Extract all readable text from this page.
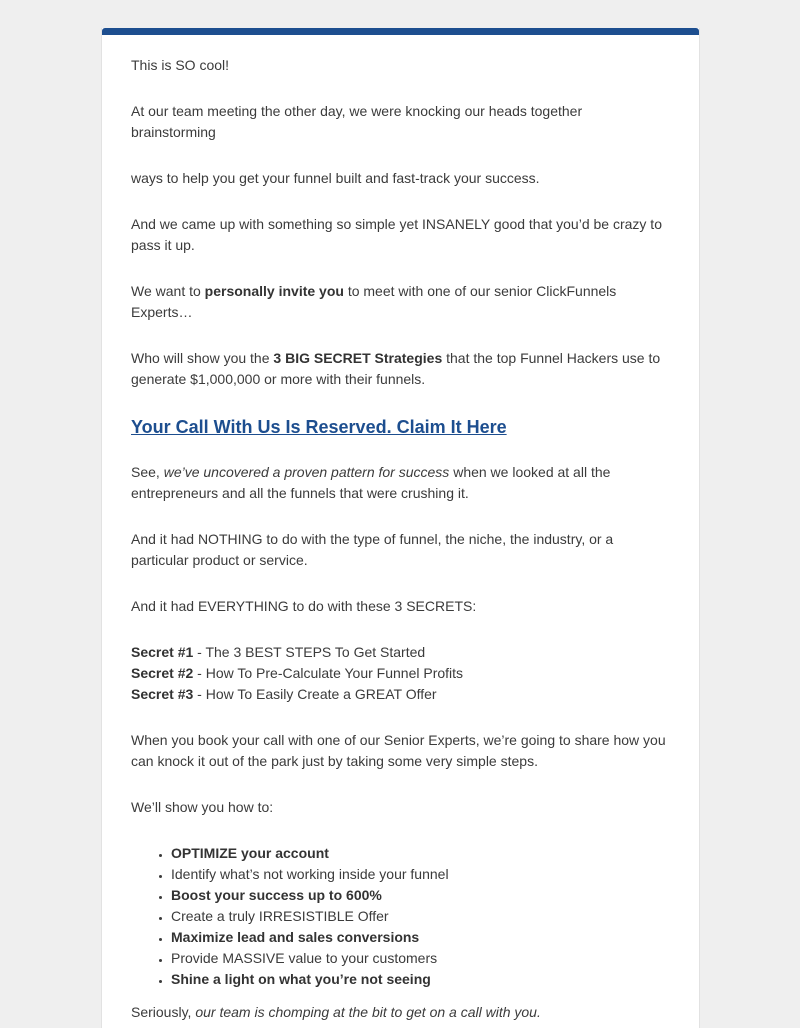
This is SO cool!

At our team meeting the other day, we were knocking our heads together brainstorming

ways to help you get your funnel built and fast-track your success.

And we came up with something so simple yet INSANELY good that you’d be crazy to pass it up.

We want to personally invite you to meet with one of our senior ClickFunnels Experts…

Who will show you the 3 BIG SECRET Strategies that the top Funnel Hackers use to generate $1,000,000 or more with their funnels.

Your Call With Us Is Reserved. Claim It Here

See, we’ve uncovered a proven pattern for success when we looked at all the entrepreneurs and all the funnels that were crushing it.

And it had NOTHING to do with the type of funnel, the niche, the industry, or a particular product or service.

And it had EVERYTHING to do with these 3 SECRETS:

Secret #1 - The 3 BEST STEPS To Get Started
Secret #2 - How To Pre-Calculate Your Funnel Profits
Secret #3 - How To Easily Create a GREAT Offer

When you book your call with one of our Senior Experts, we’re going to share how you can knock it out of the park just by taking some very simple steps.

We’ll show you how to:

• OPTIMIZE your account
• Identify what’s not working inside your funnel
• Boost your success up to 600%
• Create a truly IRRESISTIBLE Offer
• Maximize lead and sales conversions
• Provide MASSIVE value to your customers
• Shine a light on what you’re not seeing

Seriously, our team is chomping at the bit to get on a call with you.
